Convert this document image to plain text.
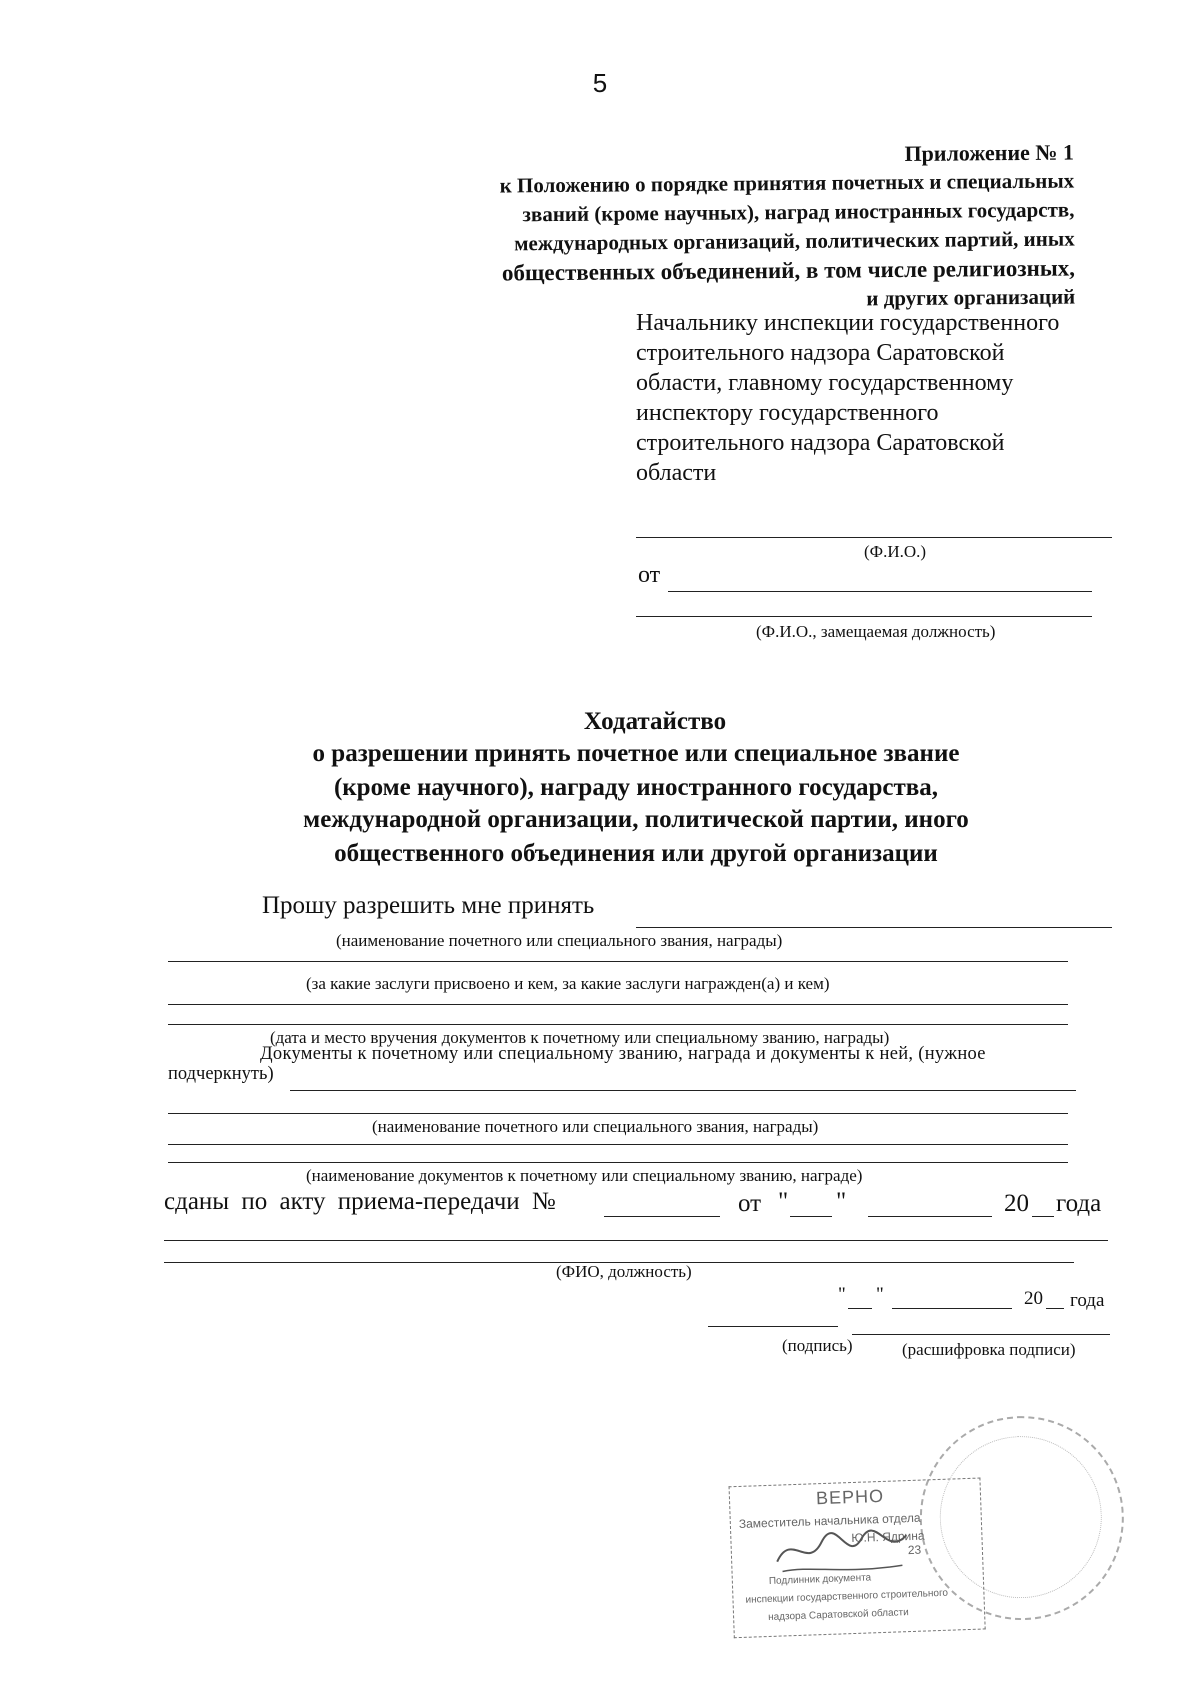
5
Приложение № 1
к Положению о порядке принятия почетных и специальных
званий (кроме научных), наград иностранных государств,
международных организаций, политических партий, иных
общественных объединений, в том числе религиозных,
и других организаций
Начальнику инспекции государственного
строительного надзора Саратовской
области, главному государственному
инспектору государственного
строительного надзора Саратовской
области
(Ф.И.О.)
от
(Ф.И.О., замещаемая должность)
Ходатайство
о разрешении принять почетное или специальное звание
(кроме научного), награду иностранного государства,
международной организации, политической партии, иного
общественного объединения или другой организации
Прошу разрешить мне принять
(наименование почетного или специального звания, награды)
(за какие заслуги присвоено и кем, за какие заслуги награжден(а) и кем)
(дата и место вручения документов к почетному или специальному званию, награды)
Документы к почетному или специальному званию, награда и документы к ней, (нужное
подчеркнуть)
(наименование почетного или специального звания, награды)
(наименование документов к почетному или специальному званию, награде)
сданы по акту приема-передачи №	от " "	20 года
(ФИО, должность)
" "	20 года
(подпись)	(расшифровка подписи)
ВЕРНО
Заместитель начальника отдела
Ю.Н. Ядрина
23
Подлинник документа
инспекции государственного строительного
надзора Саратовской области
